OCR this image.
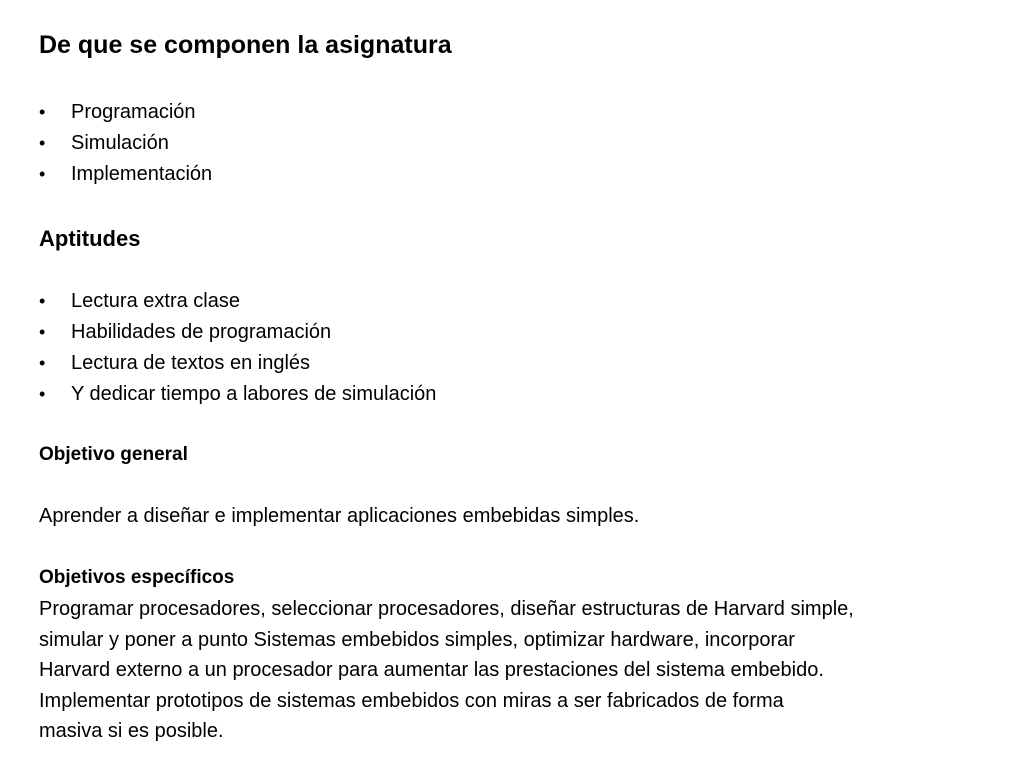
De que se componen la asignatura
• Programación
• Simulación
• Implementación
Aptitudes
• Lectura extra clase
• Habilidades de programación
• Lectura de textos en inglés
• Y dedicar tiempo a labores de simulación
Objetivo general
Aprender a diseñar e implementar aplicaciones embebidas simples.
Objetivos específicos
Programar procesadores, seleccionar procesadores, diseñar estructuras de Harvard simple,
simular y poner a punto Sistemas embebidos simples, optimizar hardware, incorporar
Harvard externo a un procesador para aumentar las prestaciones del sistema embebido.
Implementar prototipos de sistemas embebidos con miras a ser fabricados de forma
masiva si es posible.
